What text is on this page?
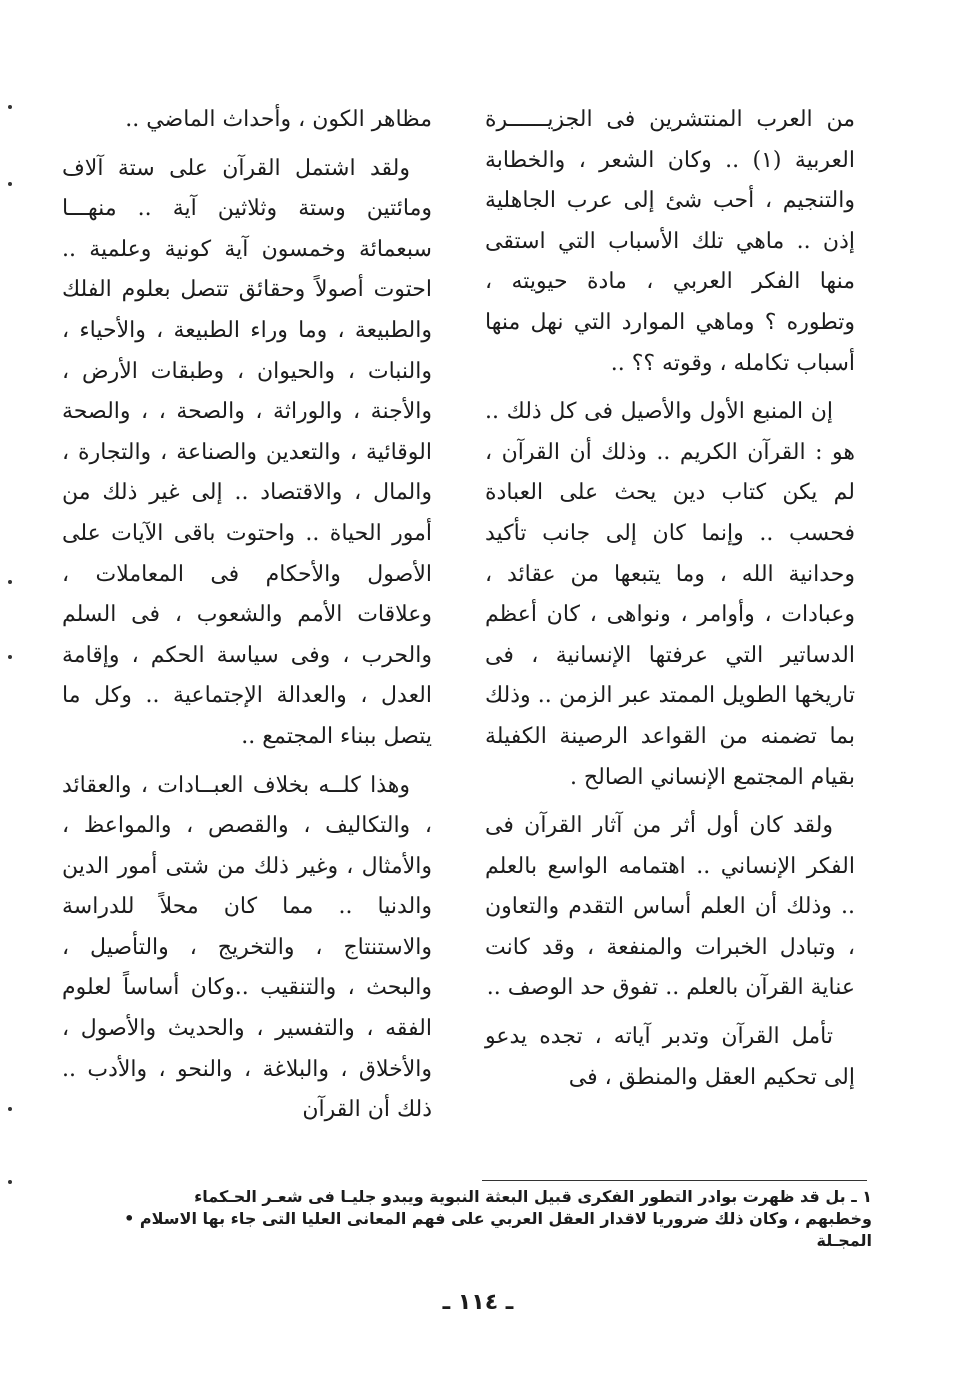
من العرب المنتشرين فى الجزيــــــرة العربية (١) .. وكان الشعر ، والخطابة والتنجيم ، أحب شئ إلى عرب الجاهلية إذن .. ماهي تلك الأسباب التي استقى منها الفكر العربي ، مادة حيويته ، وتطوره ؟ وماهي الموارد التي نهل منها أسباب تكامله ، وقوته ؟؟ ..

إن المنبع الأول والأصيل فى كل ذلك .. هو : القرآن الكريم .. وذلك أن القرآن ، لم يكن كتاب دين يحث على العبادة فحسب .. وإنما كان إلى جانب تأكيد وحدانية الله ، وما يتبعها من عقائد ، وعبادات ، وأوامر ، ونواهى ، كان أعظم الدساتير التي عرفتها الإنسانية ، فى تاريخها الطويل الممتد عبر الزمن .. وذلك بما تضمنه من القواعد الرصينة الكفيلة بقيام المجتمع الإنساني الصالح .

ولقد كان أول أثر من آثار القرآن فى الفكر الإنساني .. اهتمامه الواسع بالعلم .. وذلك أن العلم أساس التقدم والتعاون ، وتبادل الخبرات والمنفعة ، وقد كانت عناية القرآن بالعلم .. تفوق حد الوصف ..

تأمل القرآن وتدبر آياته ، تجده يدعو إلى تحكيم العقل والمنطق ، فى

مظاهر الكون ، وأحداث الماضي ..

ولقد اشتمل القرآن على ستة آلاف ومائتين وستة وثلاثين آية .. منهـــا سبعمائة وخمسون آية كونية وعلمية .. احتوت أصولاً وحقائق تتصل بعلوم الفلك والطبيعة ، وما وراء الطبيعة ، والأحياء ، والنبات ، والحيوان ، وطبقات الأرض ، والأجنة ، والوراثة ، والصحة ، ، والصحة الوقائية ، والتعدين والصناعة ، والتجارة ، والمال ، والاقتصاد .. إلى غير ذلك من أمور الحياة .. واحتوت باقى الآيات على الأصول والأحكام فى المعاملات ، وعلاقات الأمم والشعوب ، فى السلم والحرب ، وفى سياسة الحكم ، وإقامة العدل ، والعدالة الإجتماعية .. وكل ما يتصل ببناء المجتمع ..

وهذا كلــه بخلاف العبــادات ، والعقائد ، والتكاليف ، والقصص ، والمواعظ ، والأمثال ، وغير ذلك من شتى أمور الدين والدنيا .. مما كان محلاً للدراسة والاستنتاج ، والتخريج ، والتأصيل ، والبحث ، والتنقيب ..وكان أساساً لعلوم الفقه ، والتفسير ، والحديث والأصول ، والأخلاق ، والبلاغة ، والنحو ، والأدب .. ذلك أن القرآن

١ ـ بل قد ظهرت بوادر التطور الفكرى قبيل البعثة النبوية ويبدو جليـا فى شعـر الحـكماء
وخطبهم ، وكان ذلك ضروريا لاقدار العقل العربي على فهم المعانى العليا التى جاء بها الاسلام •
المجـلة
ـ ١١٤ ـ
